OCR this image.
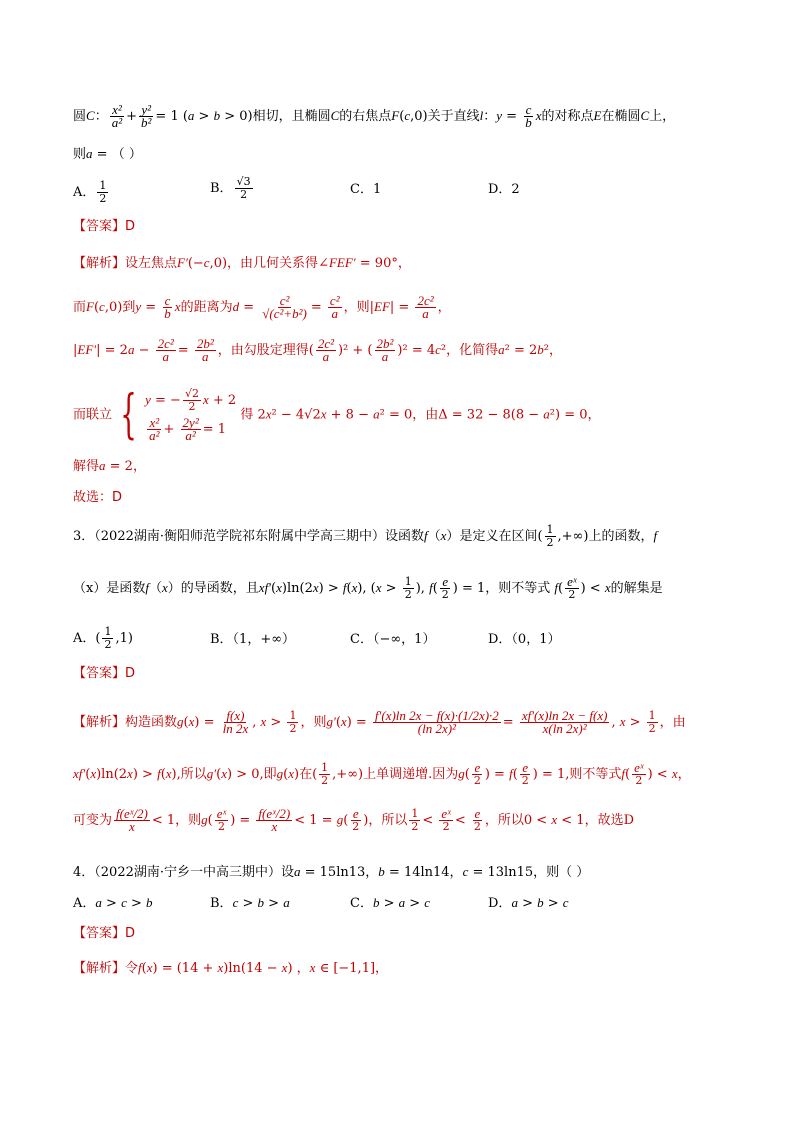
圆C： $\frac{\text{x²}}{\text{a²}} + \frac{\text{y²}}{\text{b²}} = 1$ (a > b > 0)相切，且椭圆C的右焦点F(c,0)关于直线l：$y = \frac{c}{b}$ x的对称点E在椭圆C上，
则a = （ ）
A． $\frac{1}{2}$	B． $\frac{√3}{2}$	C．1	D．2
【答案】D
【解析】设左焦点F′(−c,0)，由几何关系得∠FEF′ = 90°，
而F(c,0)到$y = \frac{c}{b}$ x的距离为$d = \frac{\text{c²}}{\text{√(c²+b²)}} = \frac{\text{c²}}{a}$ ，则$|EF| = \frac{\text{2c²}}{a}$ ，
$|EF'| = 2a - \frac{\text{2c²}}{a} = \frac{\text{2b²}}{a}$ ，由勾股定理得( $\frac{\text{2c²}}{a} )^2$ + ( $\frac{\text{2b²}}{a} )^2 = 4c^2$，化简得a² = 2b²，
而联立 { y = − $\frac{√2}{2}$ x + 2
$\frac{\text{x²}}{\text{a²}} + \frac{\text{2y²}}{\text{a²}} = 1$
得 2x² − 4√2x + 8 − a² = 0，由Δ = 32 − 8(8 − a²) = 0，
解得a = 2，
故选：D
3．（2022湖南·衡阳师范学院祁东附属中学高三期中）设函数f（x）是定义在区间( $\frac{1}{2}$ ,+∞)上的函数，f
（x）是函数f（x）的导函数，且xf′(x)ln(2x) > f(x), ($x > \frac{1}{2}$ ), f( e
2 ) = 1，则不等式 f( eˣ
2 ) < x的解集是
A．( $\frac{1}{2} ,1$)	B．（1，+∞）	C．（−∞，1）	D．（0，1）
【答案】D
【解析】构造函数$g(x) = \frac{f(x)}{\ln 2x}$ , $x > \frac{1}{2}$ ，则$g'(x) = \frac{f'(x)\ln 2x - f(x)\cdot(1/2x)\cdot 2}{\text{(ln 2x)²}} = \frac{xf'(x)\ln 2x - f(x)}{\text{x(ln 2x)²}}$ , $x > \frac{1}{2}$ ，由
xf′(x)ln(2x) > f(x),所以g′(x) > 0,即g(x)在( $\frac{1}{2}$ ,+∞)上单调递增.因为g( e
2 ) = f( e
2 ) = 1,则不等式f( eˣ
2 ) < x，
可变为 $\frac{\text{f(eˣ/2)}}{x} < 1$，则g( eˣ
2 ) = $\frac{\text{f(eˣ/2)}}{x} < 1 = g$( e
2 )，所以 $\frac{1}{2}$ < eˣ
2 < e
2 ，所以0 < x < 1，故选D
4．（2022湖南·宁乡一中高三期中）设a = 15ln13，b = 14ln14，c = 13ln15，则（ ）
A．a > c > b	B．c > b > a	C．b > a > c	D．a > b > c
【答案】D
【解析】令f(x) = (14 + x)ln(14 − x) ，x ∈ [−1,1]，
